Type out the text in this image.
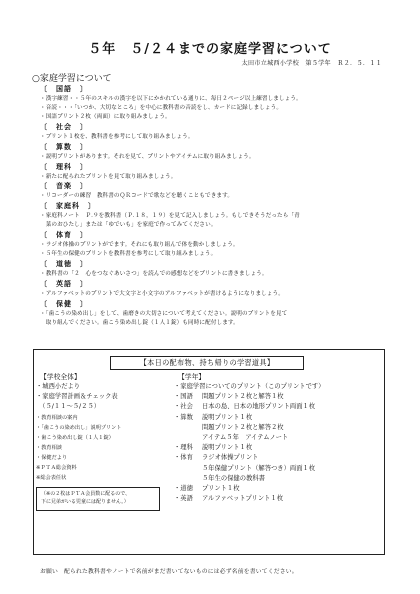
５年　５/２４までの家庭学習について
太田市立城西小学校　第５学年　Ｒ２．５．１１
○家庭学習について
〔　国語　〕
・漢字練習・・５年のスキルの漢字を以下にかかれている通りに、毎日２ページ以上練習しましょう。
・音読・・・「いつか、大切なところ」を中心に教科書の音読をし、カードに記録しましょう。
・国語プリント２枚（両面）に取り組みましょう。
〔　社会　〕
・プリント１枚を、教科書を参考にして取り組みましょう。
〔　算数　〕
・説明プリントがあります。それを見て、プリントやアイテムに取り組みましょう。
〔　理科　〕
・新たに配られたプリントを見て取り組みましょう。
〔　音楽　〕
・リコーダーの練習　教科書のＱＲコードで歌などを聴くこともできます。
〔　家庭科　〕
・家庭科ノート　Ｐ.９を教科書（Ｐ.１８，１９）を見て記入しましょう。もしできそうだったら「青
　菜のおひたし」または「ゆでいも」を家庭で作ってみてください。
〔　体育　〕
・ラジオ体操のプリントがでます。それにも取り組んで体を動かしましょう。
・５年生の保健のプリントを教科書を参考にして取り組みましょう。
〔　道徳　〕
・教科書の「２　心をつなぐあいさつ」を読んでの感想などをプリントに書きましょう。
〔　英語　〕
・アルファベットのプリントで大文字と小文字のアルファベットが書けるようになりましょう。
〔　保健　〕
・「歯こうの染め出し」をして、歯磨きの大切さについて考えてください。説明のプリントを見て
　取り組んでください。歯こう染め出し錠（１人１錠）も同時に配付します。
【本日の配布物、持ち帰りの学習道具】
【学校全体】
・城西小だより
・家庭学習計画＆チェック表
　（５/１１～５/２５）
・教育相談の案内
・「歯こうの染め出し」説明プリント
・歯こう染め出し錠（１人１錠）
・教育相談
・保健だより
※ＰＴＡ総会資料
※総会表任状
（※の２枚はＰＴＡ会員数に配るので、
下に兄弟がいる児童には配りません。）
【学年】
・家庭学習についてのプリント（このプリントです）
・国語	問題プリント２枚と解答１枚
・社会	日本の島、日本の地形プリント両面１枚
・算数	説明プリント１枚
問題プリント２枚と解答２枚
アイテム５年　アイテムノート
・理科	説明プリント１枚
・体育	ラジオ体操プリント
５年保健プリント（解答つき）両面１枚
５年生の保健の教科書
・道徳	プリント１枚
・英語	アルファベットプリント１枚
お願い　配られた教科書やノートで名前がまだ書いてないものには必ず名前を書いてください。
